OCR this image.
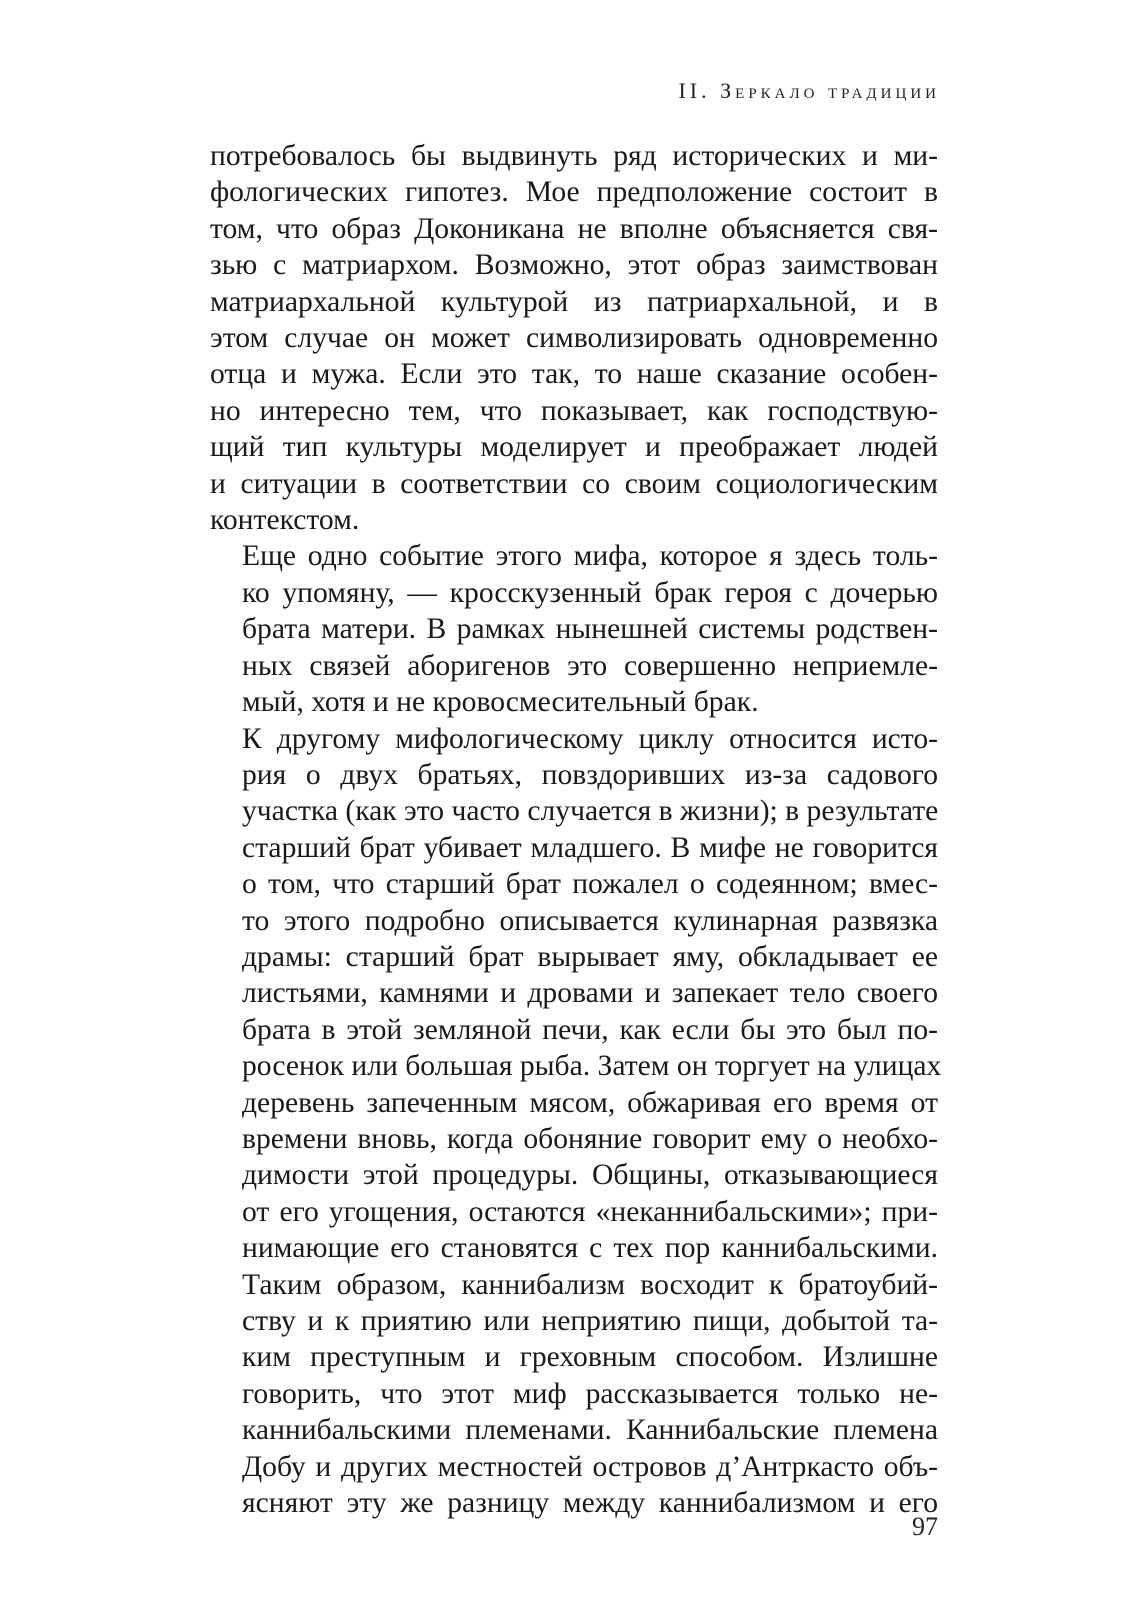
II. Зеркало традиции

потребовалось бы выдвинуть ряд исторических и ми-
фологических гипотез. Мое предположение состоит в
том, что образ Доконикана не вполне объясняется свя-
зью с матриархом. Возможно, этот образ заимствован
матриархальной культурой из патриархальной, и в
этом случае он может символизировать одновременно
отца и мужа. Если это так, то наше сказание особен-
но интересно тем, что показывает, как господствую-
щий тип культуры моделирует и преображает людей
и ситуации в соответствии со своим социологическим
контекстом.

Еще одно событие этого мифа, которое я здесь толь-
ко упомяну, — кросскузенный брак героя с дочерью
брата матери. В рамках нынешней системы родствен-
ных связей аборигенов это совершенно неприемле-
мый, хотя и не кровосмесительный брак.

К другому мифологическому циклу относится исто-
рия о двух братьях, повздоривших из-за садового
участка (как это часто случается в жизни); в результате
старший брат убивает младшего. В мифе не говорится
о том, что старший брат пожалел о содеянном; вмес-
то этого подробно описывается кулинарная развязка
драмы: старший брат вырывает яму, обкладывает ее
листьями, камнями и дровами и запекает тело своего
брата в этой земляной печи, как если бы это был по-
росенок или большая рыба. Затем он торгует на улицах
деревень запеченным мясом, обжаривая его время от
времени вновь, когда обоняние говорит ему о необхо-
димости этой процедуры. Общины, отказывающиеся
от его угощения, остаются «неканнибальскими»; при-
нимающие его становятся с тех пор каннибальскими.
Таким образом, каннибализм восходит к братоубий-
ству и к приятию или неприятию пищи, добытой та-
ким преступным и греховным способом. Излишне
говорить, что этот миф рассказывается только не-
каннибальскими племенами. Каннибальские племена
Добу и других местностей островов д’Антркасто объ-
ясняют эту же разницу между каннибализмом и его

97
